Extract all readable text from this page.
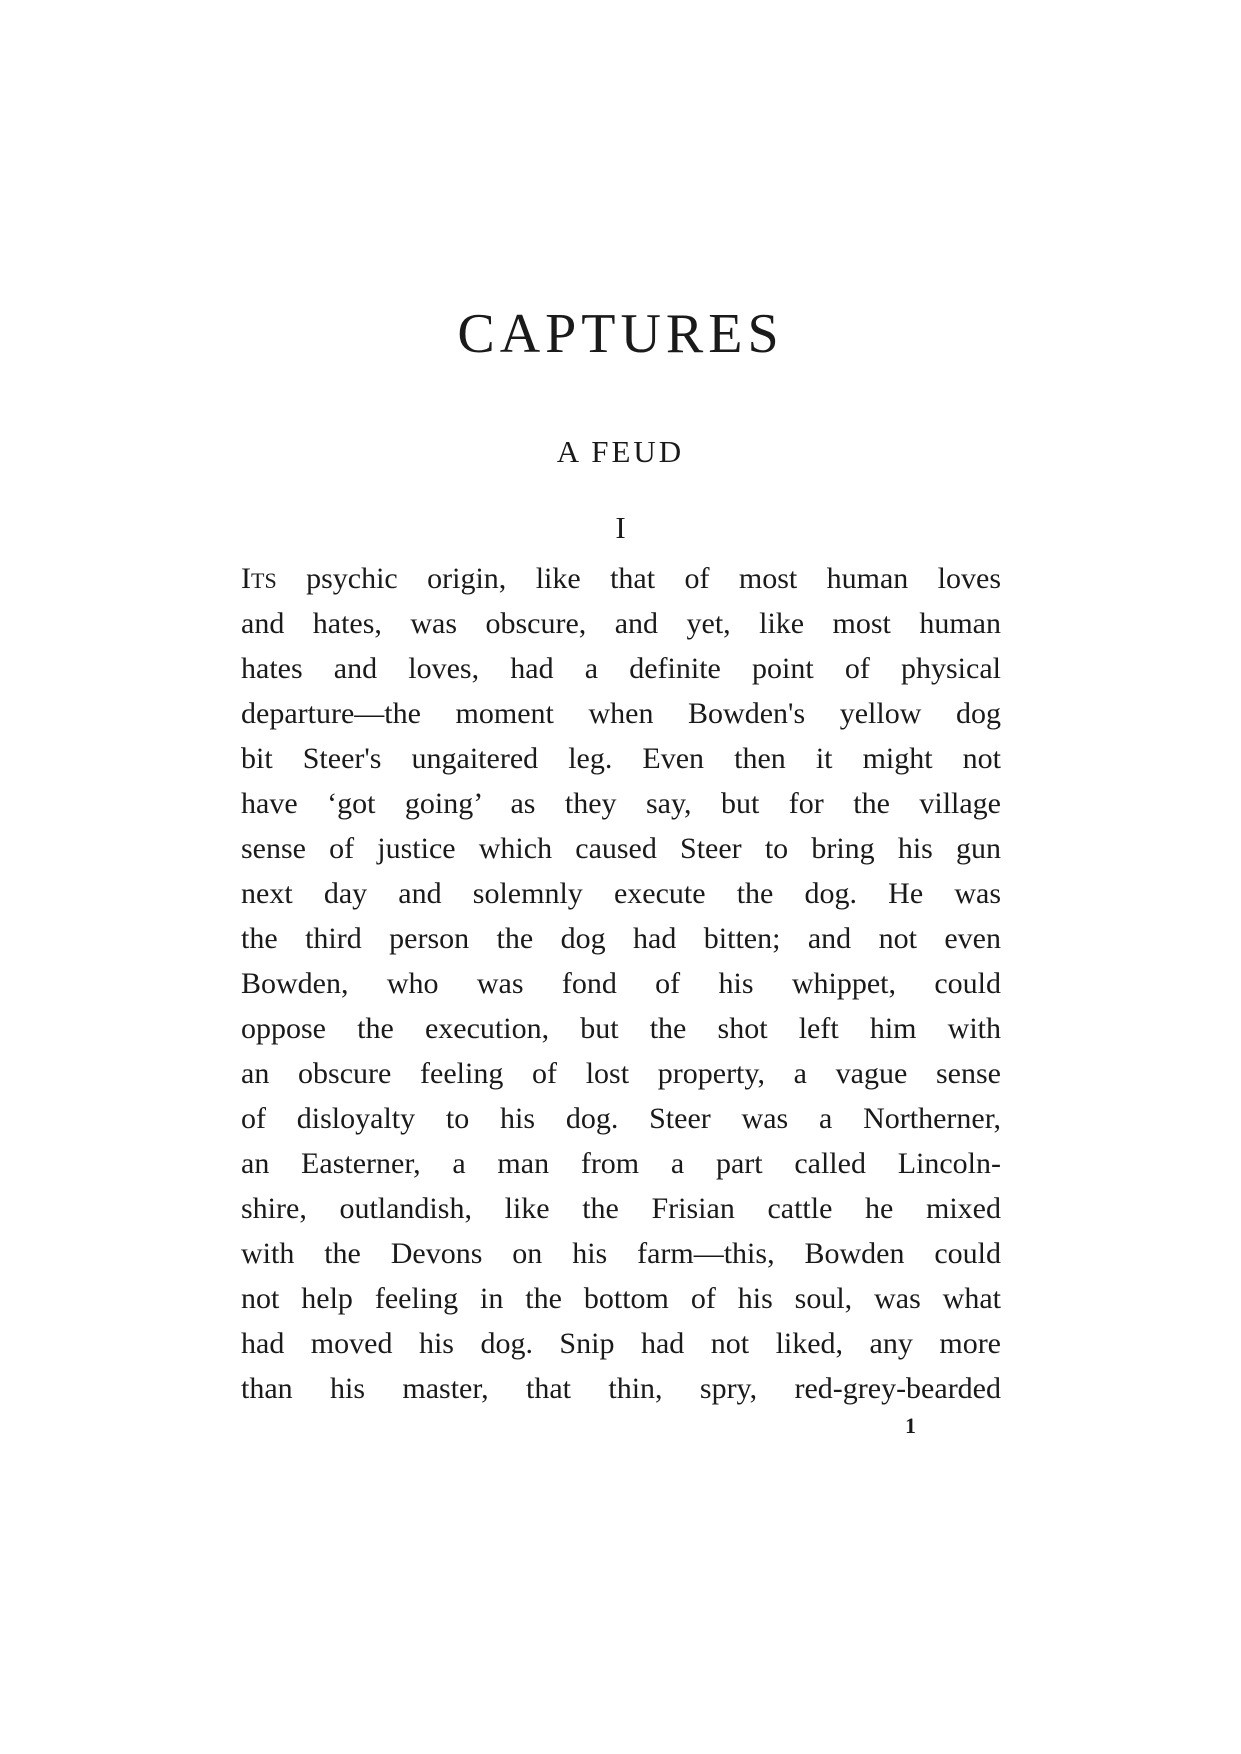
CAPTURES
A FEUD
I
ITS psychic origin, like that of most human loves
and hates, was obscure, and yet, like most human
hates and loves, had a definite point of physical
departure—the moment when Bowden's yellow dog
bit Steer's ungaitered leg. Even then it might not
have ‘got going’ as they say, but for the village
sense of justice which caused Steer to bring his gun
next day and solemnly execute the dog. He was
the third person the dog had bitten; and not even
Bowden, who was fond of his whippet, could
oppose the execution, but the shot left him with
an obscure feeling of lost property, a vague sense
of disloyalty to his dog. Steer was a Northerner,
an Easterner, a man from a part called Lincoln-
shire, outlandish, like the Frisian cattle he mixed
with the Devons on his farm—this, Bowden could
not help feeling in the bottom of his soul, was what
had moved his dog. Snip had not liked, any more
than his master, that thin, spry, red-grey-bearded
1
